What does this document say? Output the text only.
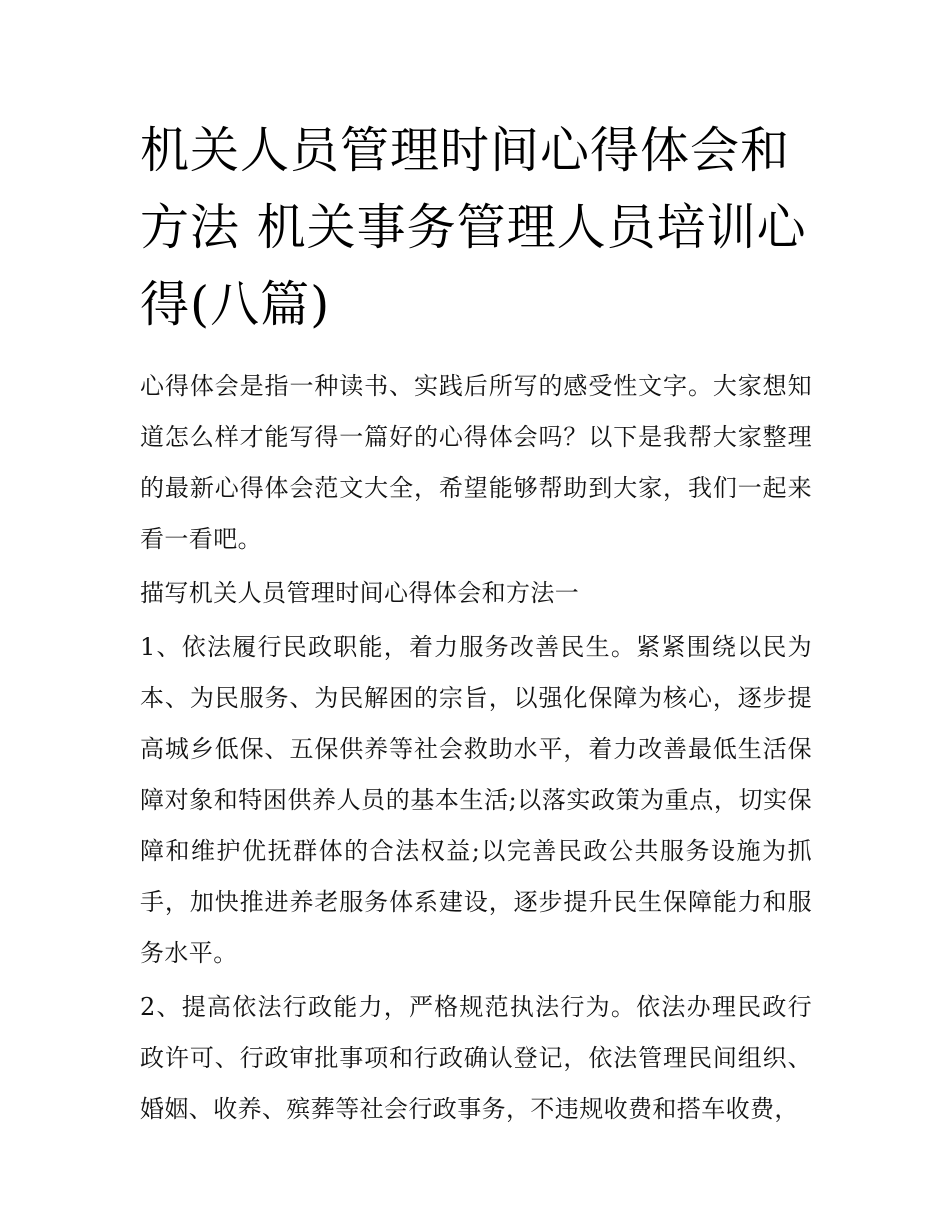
机关人员管理时间心得体会和方法 机关事务管理人员培训心得(八篇)

心得体会是指一种读书、实践后所写的感受性文字。大家想知道怎么样才能写得一篇好的心得体会吗？以下是我帮大家整理的最新心得体会范文大全，希望能够帮助到大家，我们一起来看一看吧。

描写机关人员管理时间心得体会和方法一

1、依法履行民政职能，着力服务改善民生。紧紧围绕以民为本、为民服务、为民解困的宗旨，以强化保障为核心，逐步提高城乡低保、五保供养等社会救助水平，着力改善最低生活保障对象和特困供养人员的基本生活;以落实政策为重点，切实保障和维护优抚群体的合法权益;以完善民政公共服务设施为抓手，加快推进养老服务体系建设，逐步提升民生保障能力和服务水平。

2、提高依法行政能力，严格规范执法行为。依法办理民政行政许可、行政审批事项和行政确认登记，依法管理民间组织、婚姻、收养、殡葬等社会行政事务，不违规收费和搭车收费，
